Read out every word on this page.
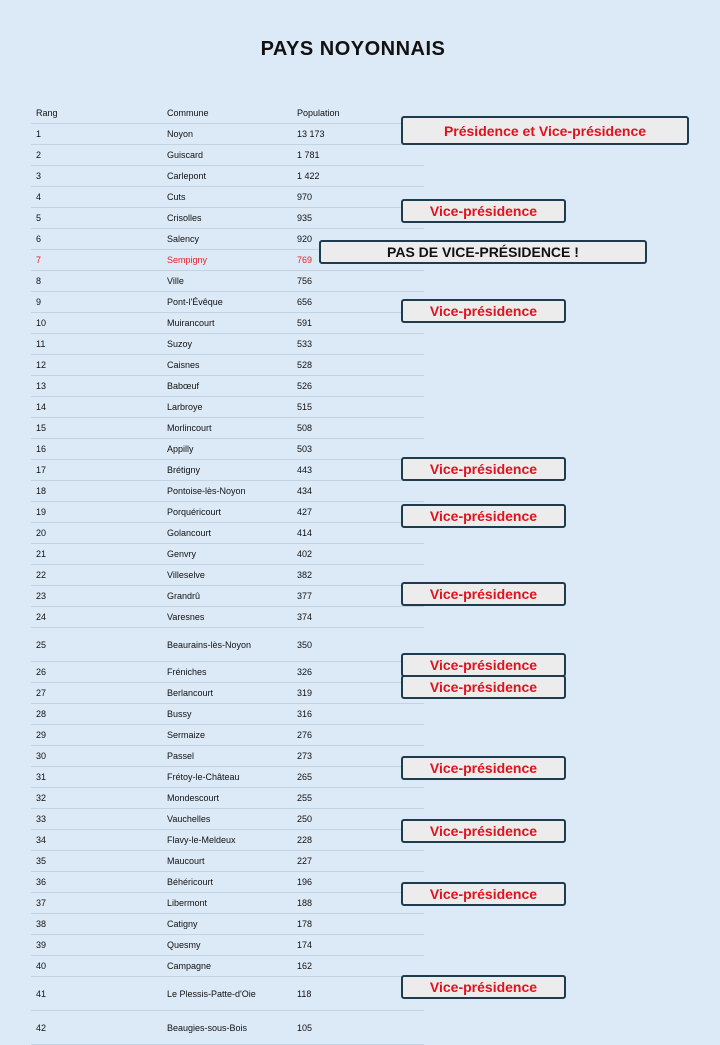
PAYS NOYONNAIS
Rang	Commune	Population
1	Noyon	13 173
2	Guiscard	1 781
3	Carlepont	1 422
4	Cuts	970
5	Crisolles	935
6	Salency	920
7	Sempigny	769
8	Ville	756
9	Pont-l'Évêque	656
10	Muirancourt	591
11	Suzoy	533
12	Caisnes	528
13	Babœuf	526
14	Larbroye	515
15	Morlincourt	508
16	Appilly	503
17	Brétigny	443
18	Pontoise-lès-Noyon	434
19	Porquéricourt	427
20	Golancourt	414
21	Genvry	402
22	Villeselve	382
23	Grandrû	377
24	Varesnes	374
25	Beaurains-lès-Noyon	350
26	Fréniches	326
27	Berlancourt	319
28	Bussy	316
29	Sermaize	276
30	Passel	273
31	Frétoy-le-Château	265
32	Mondescourt	255
33	Vauchelles	250
34	Flavy-le-Meldeux	228
35	Maucourt	227
36	Béhéricourt	196
37	Libermont	188
38	Catigny	178
39	Quesmy	174
40	Campagne	162
41	Le Plessis-Patte-d'Oie	118
42	Beaugies-sous-Bois	105
Présidence et Vice-présidence
Vice-présidence
PAS DE VICE-PRÉSIDENCE !
Vice-présidence
Vice-présidence
Vice-présidence
Vice-présidence
Vice-présidence
Vice-présidence
Vice-présidence
Vice-présidence
Vice-présidence
Vice-présidence
